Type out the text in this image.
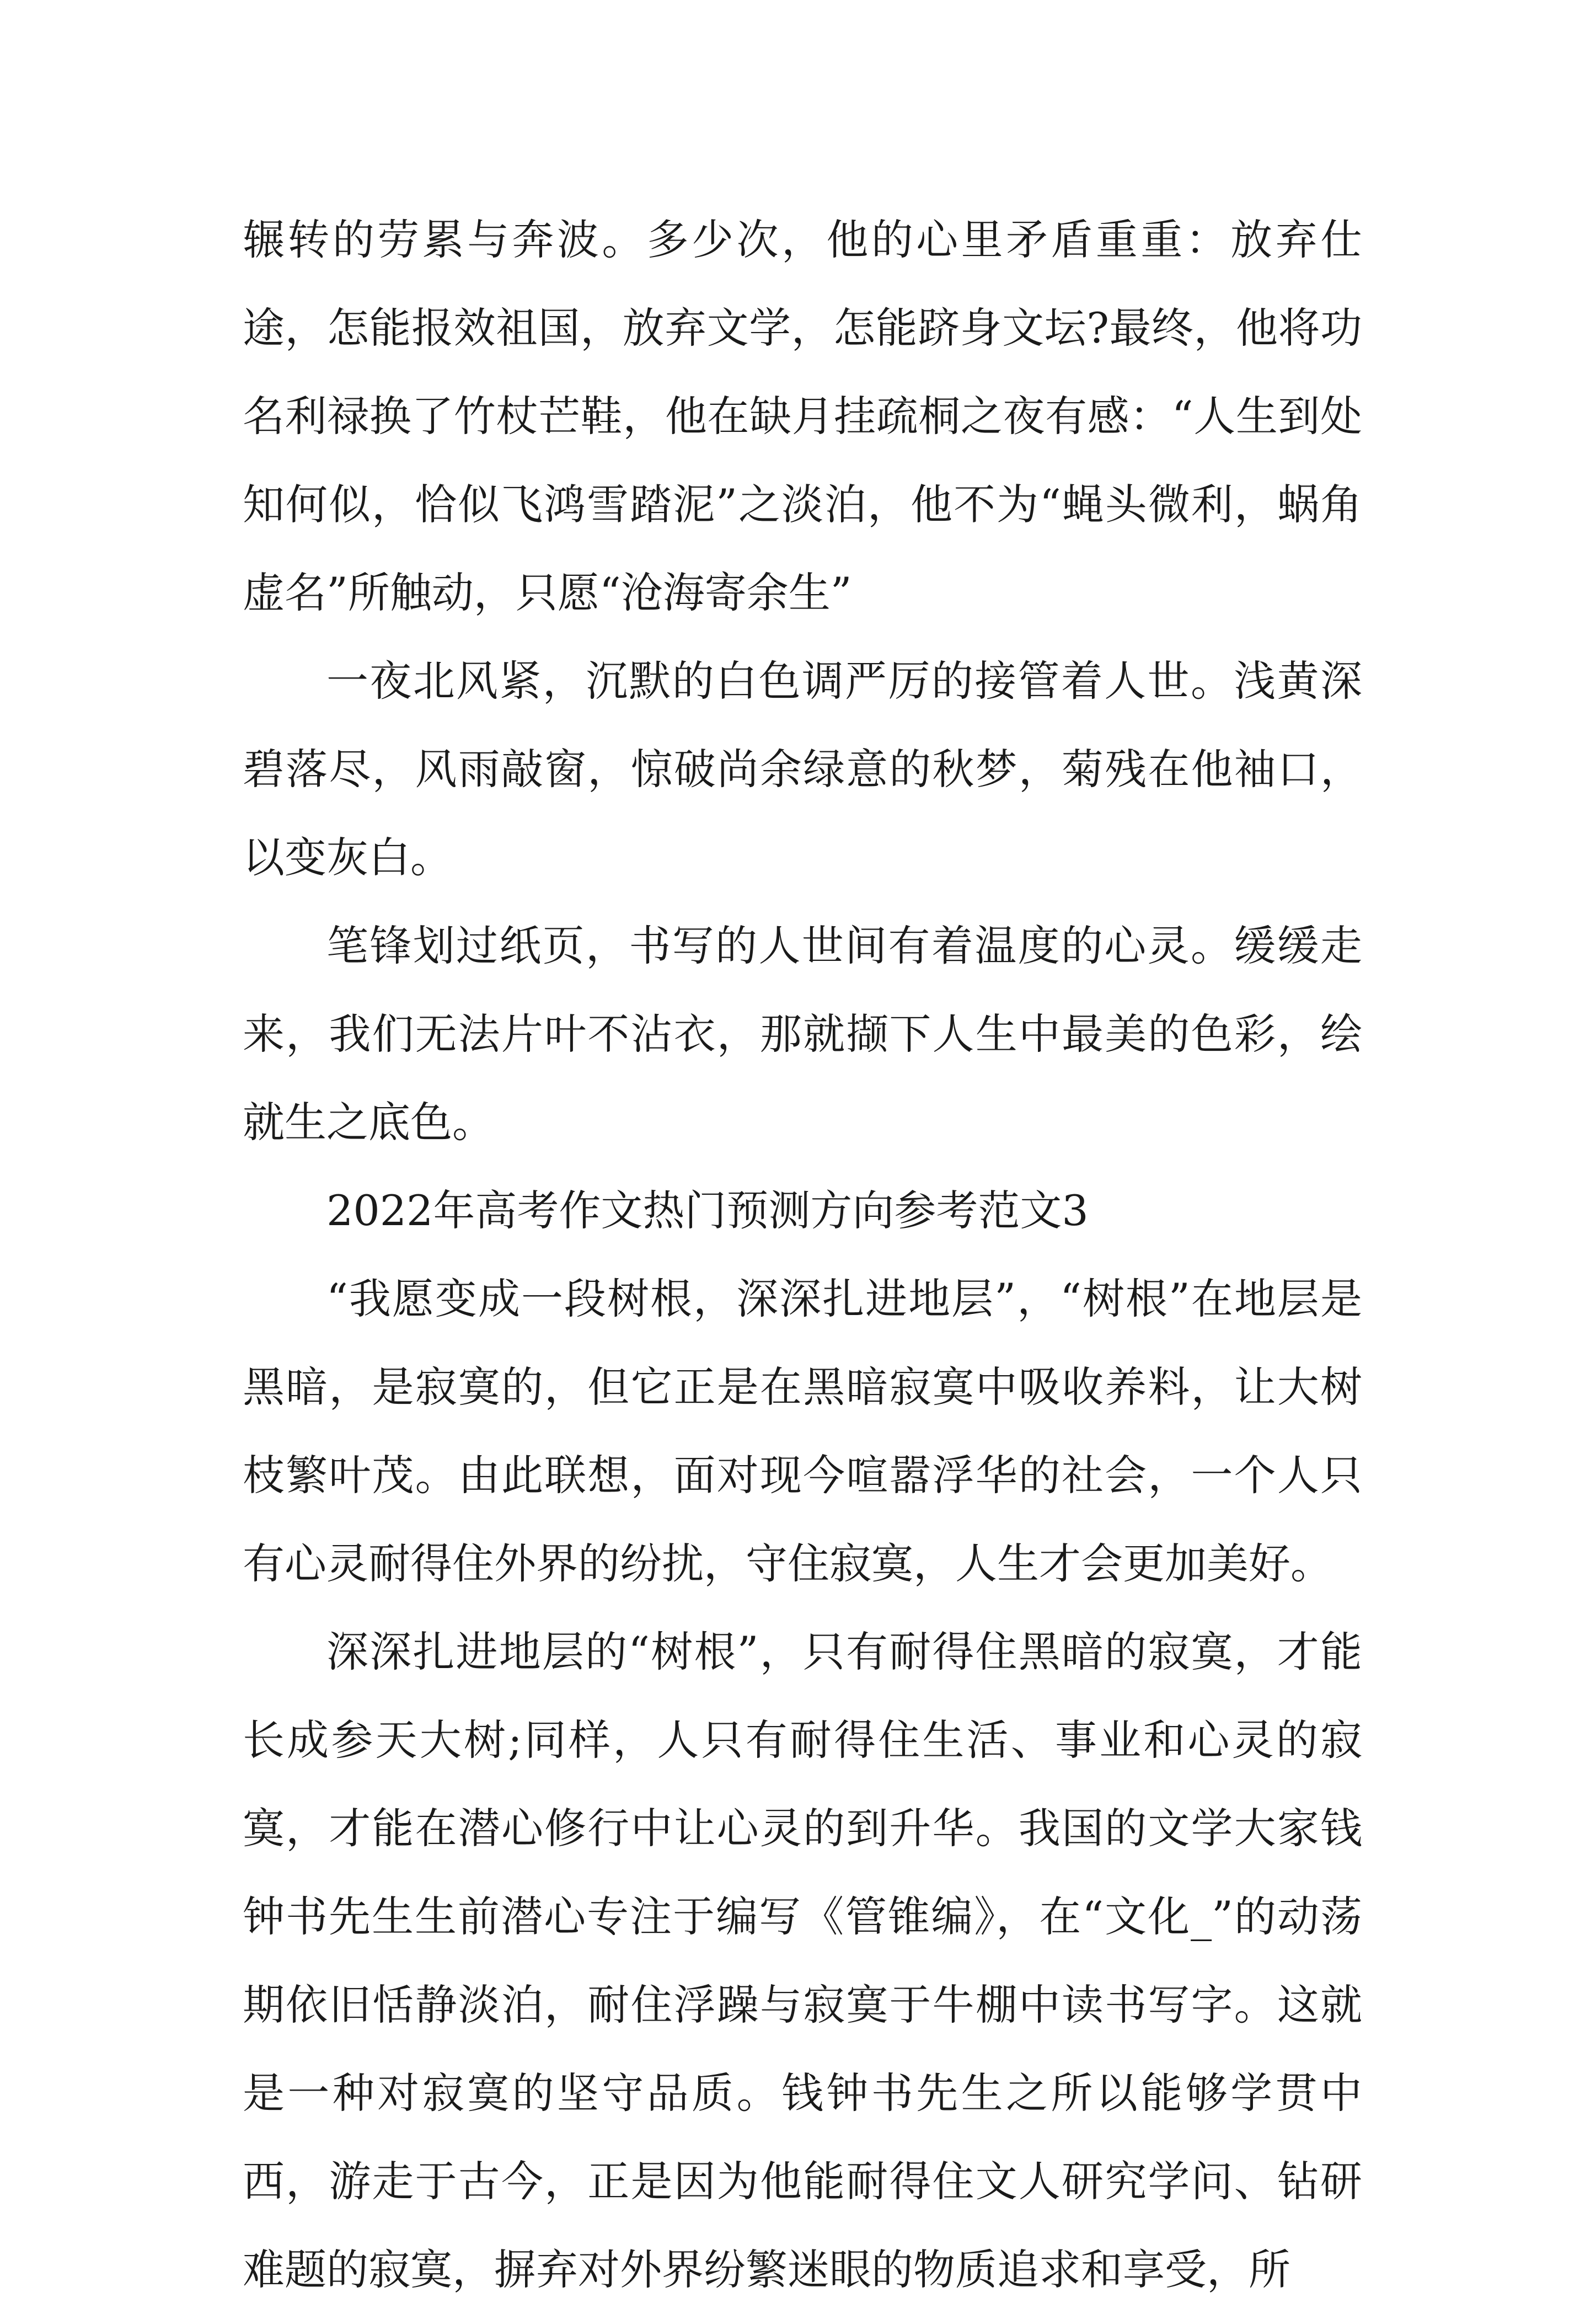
辗转的劳累与奔波。多少次，他的心里矛盾重重：放弃仕途，怎能报效祖国，放弃文学，怎能跻身文坛?最终，他将功名利禄换了竹杖芒鞋，他在缺月挂疏桐之夜有感：“人生到处知何似，恰似飞鸿雪踏泥”之淡泊，他不为“蝇头微利，蜗角虚名”所触动，只愿“沧海寄余生”

一夜北风紧，沉默的白色调严厉的接管着人世。浅黄深碧落尽，风雨敲窗，惊破尚余绿意的秋梦，菊残在他袖口，以变灰白。

笔锋划过纸页，书写的人世间有着温度的心灵。缓缓走来，我们无法片叶不沾衣，那就撷下人生中最美的色彩，绘就生之底色。

2022年高考作文热门预测方向参考范文3

“我愿变成一段树根，深深扎进地层”，“树根”在地层是黑暗，是寂寞的，但它正是在黑暗寂寞中吸收养料，让大树枝繁叶茂。由此联想，面对现今喧嚣浮华的社会，一个人只有心灵耐得住外界的纷扰，守住寂寞，人生才会更加美好。

深深扎进地层的“树根”，只有耐得住黑暗的寂寞，才能长成参天大树;同样，人只有耐得住生活、事业和心灵的寂寞，才能在潜心修行中让心灵的到升华。我国的文学大家钱钟书先生生前潜心专注于编写《管锥编》，在“文化_”的动荡期依旧恬静淡泊，耐住浮躁与寂寞于牛棚中读书写字。这就是一种对寂寞的坚守品质。钱钟书先生之所以能够学贯中西，游走于古今，正是因为他能耐得住文人研究学问、钻研难题的寂寞，摒弃对外界纷繁迷眼的物质追求和享受，所
